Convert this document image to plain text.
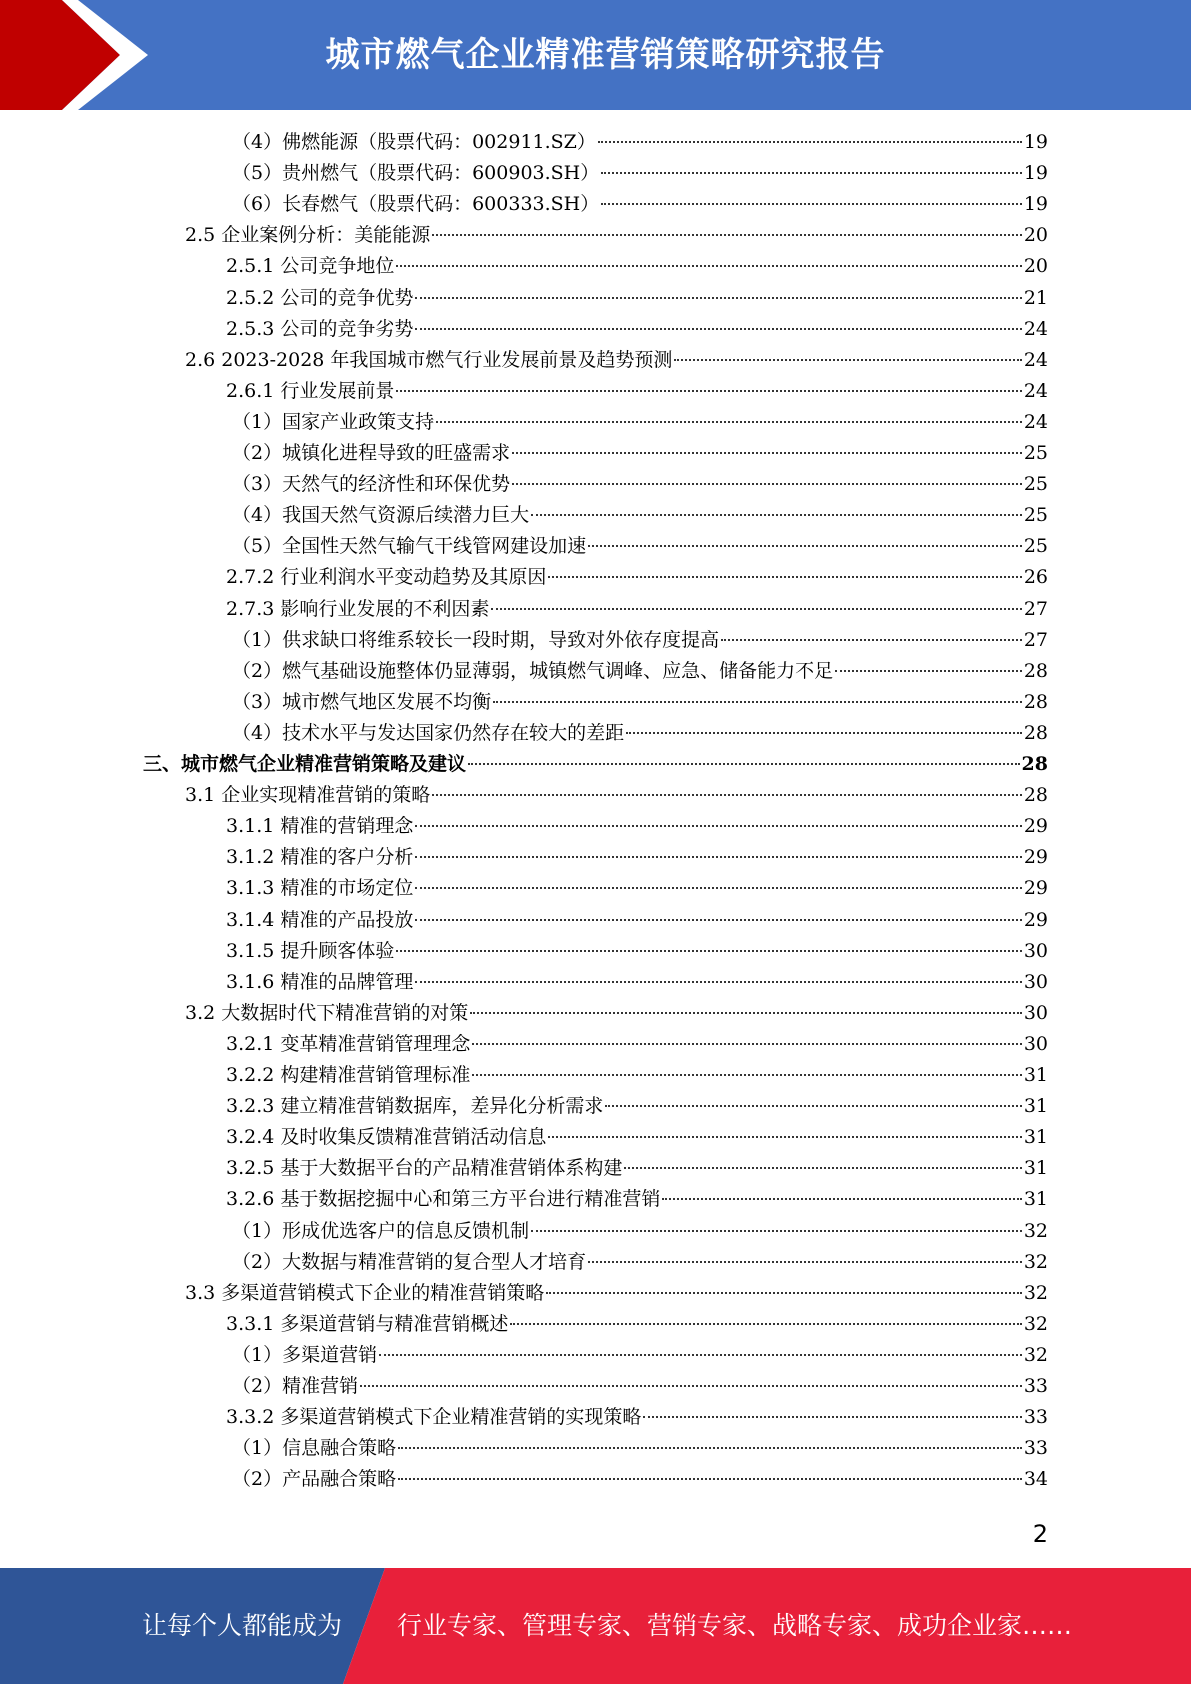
城市燃气企业精准营销策略研究报告
（4）佛燃能源（股票代码：002911.SZ）	19
（5）贵州燃气（股票代码：600903.SH）	19
（6）长春燃气（股票代码：600333.SH）	19
2.5 企业案例分析：美能能源	20
2.5.1 公司竞争地位	20
2.5.2 公司的竞争优势	21
2.5.3 公司的竞争劣势	24
2.6 2023-2028 年我国城市燃气行业发展前景及趋势预测	24
2.6.1 行业发展前景	24
（1）国家产业政策支持	24
（2）城镇化进程导致的旺盛需求	25
（3）天然气的经济性和环保优势	25
（4）我国天然气资源后续潜力巨大	25
（5）全国性天然气输气干线管网建设加速	25
2.7.2 行业利润水平变动趋势及其原因	26
2.7.3 影响行业发展的不利因素	27
（1）供求缺口将维系较长一段时期，导致对外依存度提高	27
（2）燃气基础设施整体仍显薄弱，城镇燃气调峰、应急、储备能力不足	28
（3）城市燃气地区发展不均衡	28
（4）技术水平与发达国家仍然存在较大的差距	28
三、城市燃气企业精准营销策略及建议	28
3.1 企业实现精准营销的策略	28
3.1.1 精准的营销理念	29
3.1.2 精准的客户分析	29
3.1.3 精准的市场定位	29
3.1.4 精准的产品投放	29
3.1.5 提升顾客体验	30
3.1.6 精准的品牌管理	30
3.2 大数据时代下精准营销的对策	30
3.2.1 变革精准营销管理理念	30
3.2.2 构建精准营销管理标准	31
3.2.3 建立精准营销数据库，差异化分析需求	31
3.2.4 及时收集反馈精准营销活动信息	31
3.2.5 基于大数据平台的产品精准营销体系构建	31
3.2.6 基于数据挖掘中心和第三方平台进行精准营销	31
（1）形成优选客户的信息反馈机制	32
（2）大数据与精准营销的复合型人才培育	32
3.3 多渠道营销模式下企业的精准营销策略	32
3.3.1 多渠道营销与精准营销概述	32
（1）多渠道营销	32
（2）精准营销	33
3.3.2 多渠道营销模式下企业精准营销的实现策略	33
（1）信息融合策略	33
（2）产品融合策略	34
2
让每个人都能成为 行业专家、管理专家、营销专家、战略专家、成功企业家……
